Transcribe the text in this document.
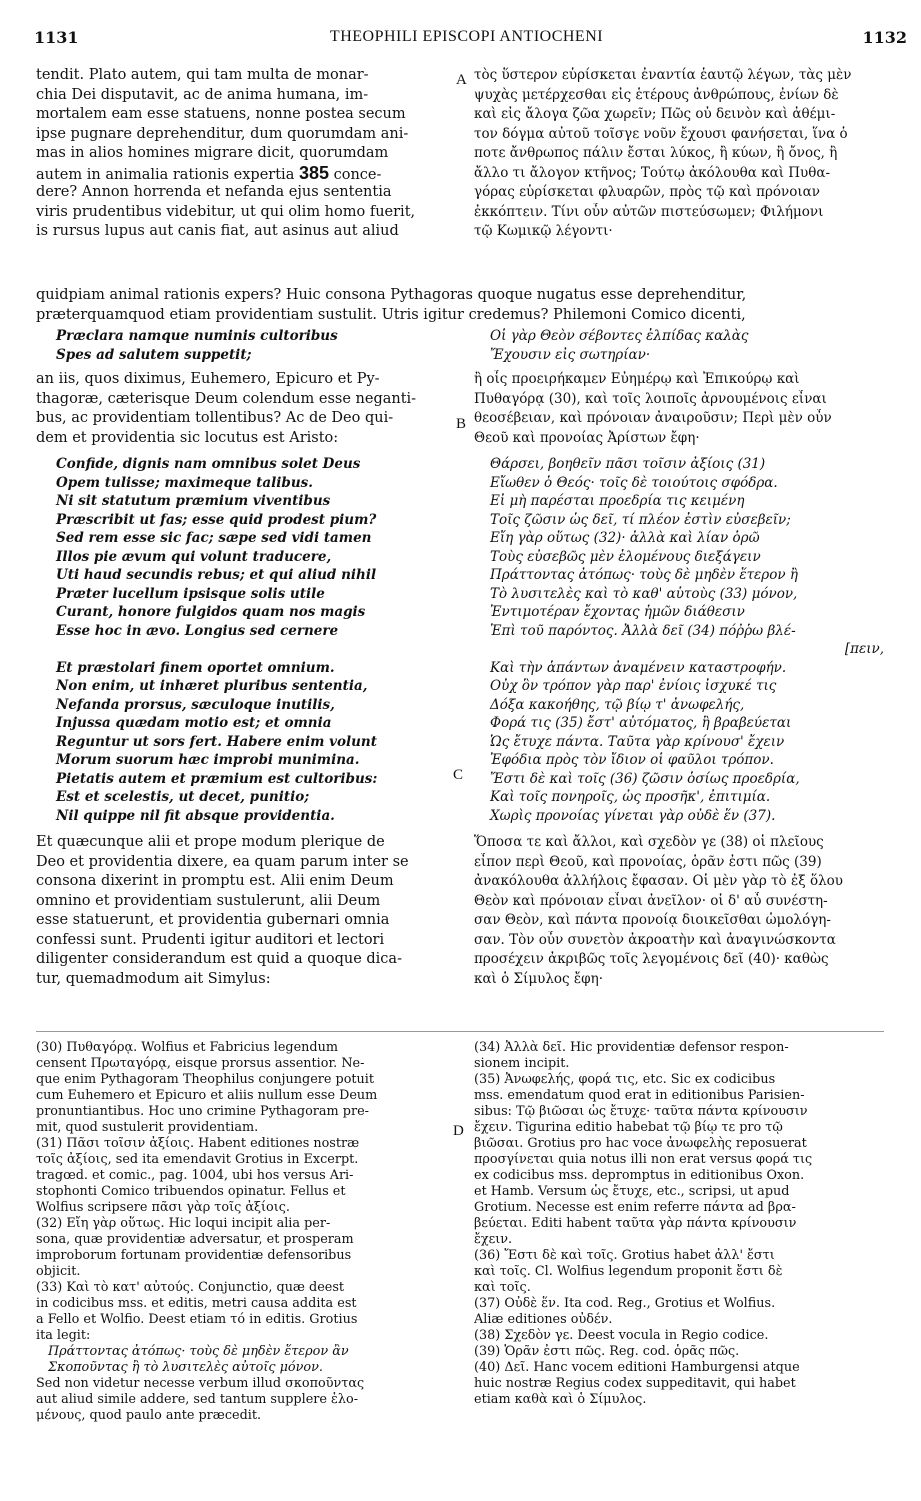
1131	THEOPHILI EPISCOPI ANTIOCHENI	1132
A
B
C
D
tendit. Plato autem, qui tam multa de monar-
chia Dei disputavit, ac de anima humana, im-
mortalem eam esse statuens, nonne postea secum
ipse pugnare deprehenditur, dum quorumdam ani-
mas in alios homines migrare dicit, quorumdam
autem in animalia rationis expertia 385 conce-
dere? Annon horrenda et nefanda ejus sententia
viris prudentibus videbitur, ut qui olim homo fuerit,
is rursus lupus aut canis fiat, aut asinus aut aliud
τὸς ὕστερον εὑρίσκεται ἐναντία ἑαυτῷ λέγων, τὰς μὲν
ψυχὰς μετέρχεσθαι εἰς ἑτέρους ἀνθρώπους, ἐνίων δὲ
καὶ εἰς ἄλογα ζῶα χωρεῖν; Πῶς οὐ δεινὸν καὶ ἀθέμι-
τον δόγμα αὐτοῦ τοῖσγε νοῦν ἔχουσι φανήσεται, ἵνα ὁ
ποτε ἄνθρωπος πάλιν ἔσται λύκος, ἢ κύων, ἢ ὄνος, ἢ
ἄλλο τι ἄλογον κτῆνος; Τούτῳ ἀκόλουθα καὶ Πυθα-
γόρας εὑρίσκεται φλυαρῶν, πρὸς τῷ καὶ πρόνοιαν
ἐκκόπτειν. Τίνι οὖν αὐτῶν πιστεύσωμεν; Φιλήμονι
τῷ Κωμικῷ λέγοντι·
quidpiam animal rationis expers? Huic consona Pythagoras quoque nugatus esse deprehenditur,
præterquamquod etiam providentiam sustulit. Utris igitur credemus? Philemoni Comico dicenti,
Præclara namque numinis cultoribus
Spes ad salutem suppetit;
Οἱ γὰρ Θεὸν σέβοντες ἐλπίδας καλὰς
Ἔχουσιν εἰς σωτηρίαν·
an iis, quos diximus, Euhemero, Epicuro et Py-
thagoræ, cæterisque Deum colendum esse neganti-
bus, ac providentiam tollentibus? Ac de Deo qui-
dem et providentia sic locutus est Aristo:
ἢ οἷς προειρήκαμεν Εὐημέρῳ καὶ Ἐπικούρῳ καὶ
Πυθαγόρᾳ (30), καὶ τοῖς λοιποῖς ἀρνουμένοις εἶναι
θεοσέβειαν, καὶ πρόνοιαν ἀναιροῦσιν; Περὶ μὲν οὖν
Θεοῦ καὶ προνοίας Ἀρίστων ἔφη·
Confide, dignis nam omnibus solet Deus
Opem tulisse; maximeque talibus.
Ni sit statutum præmium viventibus
Præscribit ut fas; esse quid prodest pium?
Sed rem esse sic fac; sæpe sed vidi tamen
Illos pie ævum qui volunt traducere,
Uti haud secundis rebus; et qui aliud nihil
Præter lucellum ipsisque solis utile
Curant, honore fulgidos quam nos magis
Esse hoc in ævo. Longius sed cernere
Et præstolari finem oportet omnium.
Non enim, ut inhæret pluribus sententia,
Nefanda prorsus, sæculoque inutilis,
Injussa quædam motio est; et omnia
Reguntur ut sors fert. Habere enim volunt
Morum suorum hæc improbi munimina.
Pietatis autem et præmium est cultoribus:
Est et scelestis, ut decet, punitio;
Nil quippe nil fit absque providentia.
Θάρσει, βοηθεῖν πᾶσι τοῖσιν ἀξίοις (31)
Εἴωθεν ὁ Θεός· τοῖς δὲ τοιούτοις σφόδρα.
Εἰ μὴ παρέσται προεδρία τις κειμένη
Τοῖς ζῶσιν ὡς δεῖ, τί πλέον ἐστὶν εὐσεβεῖν;
Εἴη γὰρ οὕτως (32)· ἀλλὰ καὶ λίαν ὁρῶ
Τοὺς εὐσεβῶς μὲν ἑλομένους διεξάγειν
Πράττοντας ἀτόπως· τοὺς δὲ μηδὲν ἕτερον ἢ
Τὸ λυσιτελὲς καὶ τὸ καθ' αὑτοὺς (33) μόνον,
Ἐντιμοτέραν ἔχοντας ἡμῶν διάθεσιν
Ἐπὶ τοῦ παρόντος. Ἀλλὰ δεῖ (34) πόῤῥω βλέ-
[πειν,
Καὶ τὴν ἁπάντων ἀναμένειν καταστροφήν.
Οὐχ ὃν τρόπον γὰρ παρ' ἐνίοις ἰσχυκέ τις
Δόξα κακοήθης, τῷ βίῳ τ' ἀνωφελής,
Φορά τις (35) ἔστ' αὐτόματος, ἢ βραβεύεται
Ὡς ἔτυχε πάντα. Ταῦτα γὰρ κρίνουσ' ἔχειν
Ἐφόδια πρὸς τὸν ἴδιον οἱ φαῦλοι τρόπον.
Ἔστι δὲ καὶ τοῖς (36) ζῶσιν ὁσίως προεδρία,
Καὶ τοῖς πονηροῖς, ὡς προσῆκ', ἐπιτιμία.
Χωρὶς προνοίας γίνεται γὰρ οὐδὲ ἕν (37).
Et quæcunque alii et prope modum plerique de
Deo et providentia dixere, ea quam parum inter se
consona dixerint in promptu est. Alii enim Deum
omnino et providentiam sustulerunt, alii Deum
esse statuerunt, et providentia gubernari omnia
confessi sunt. Prudenti igitur auditori et lectori
diligenter considerandum est quid a quoque dica-
tur, quemadmodum ait Simylus:
Ὅποσα τε καὶ ἄλλοι, καὶ σχεδὸν γε (38) οἱ πλεῖους
εἶπον περὶ Θεοῦ, καὶ προνοίας, ὁρᾶν ἐστι πῶς (39)
ἀνακόλουθα ἀλλήλοις ἔφασαν. Οἱ μὲν γὰρ τὸ ἐξ ὅλου
Θεὸν καὶ πρόνοιαν εἶναι ἀνεῖλον· οἱ δ' αὖ συνέστη-
σαν Θεὸν, καὶ πάντα προνοίᾳ διοικεῖσθαι ὡμολόγη-
σαν. Τὸν οὖν συνετὸν ἀκροατὴν καὶ ἀναγινώσκοντα
προσέχειν ἀκριβῶς τοῖς λεγομένοις δεῖ (40)· καθὼς
καὶ ὁ Σίμυλος ἔφη·
(30) Πυθαγόρᾳ. Wolfius et Fabricius legendum
censent Πρωταγόρᾳ, eisque prorsus assentior. Ne-
que enim Pythagoram Theophilus conjungere potuit
cum Euhemero et Epicuro et aliis nullum esse Deum
pronuntiantibus. Hoc uno crimine Pythagoram pre-
mit, quod sustulerit providentiam.
(31) Πᾶσι τοῖσιν ἀξίοις. Habent editiones nostræ
τοῖς ἀξίοις, sed ita emendavit Grotius in Excerpt.
tragœd. et comic., pag. 1004, ubi hos versus Ari-
stophonti Comico tribuendos opinatur. Fellus et
Wolfius scripsere πᾶσι γὰρ τοῖς ἀξίοις.
(32) Εἴη γὰρ οὕτως. Hic loqui incipit alia per-
sona, quæ providentiæ adversatur, et prosperam
improborum fortunam providentiæ defensoribus
objicit.
(33) Καὶ τὸ κατ' αὐτούς. Conjunctio, quæ deest
in codicibus mss. et editis, metri causa addita est
a Fello et Wolfio. Deest etiam τό in editis. Grotius
ita legit:
Πράττοντας ἀτόπως· τοὺς δὲ μηδὲν ἕτερον ἂν
Σκοποῦντας ἢ τὸ λυσιτελὲς αὐτοῖς μόνον.
Sed non videtur necesse verbum illud σκοποῦντας
aut aliud simile addere, sed tantum supplere ἑλο-
μένους, quod paulo ante præcedit.
(34) Ἀλλὰ δεῖ. Hic providentiæ defensor respon-
sionem incipit.
(35) Ἀνωφελής, φορά τις, etc. Sic ex codicibus
mss. emendatum quod erat in editionibus Parisien-
sibus: Τῷ βιῶσαι ὡς ἔτυχε· ταῦτα πάντα κρίνουσιν
ἔχειν. Tigurina editio habebat τῷ βίῳ τε pro τῷ
βιῶσαι. Grotius pro hac voce ἀνωφελὴς reposuerat
προσγίνεται quia notus illi non erat versus φορά τις
ex codicibus mss. depromptus in editionibus Oxon.
et Hamb. Versum ὡς ἔτυχε, etc., scripsi, ut apud
Grotium. Necesse est enim referre πάντα ad βρα-
βεύεται. Editi habent ταῦτα γὰρ πάντα κρίνουσιν
ἔχειν.
(36) Ἔστι δὲ καὶ τοῖς. Grotius habet ἀλλ' ἔστι
καὶ τοῖς. Cl. Wolfius legendum proponit ἔστι δὲ
καὶ τοῖς.
(37) Οὐδὲ ἕν. Ita cod. Reg., Grotius et Wolfius.
Aliæ editiones οὐδέν.
(38) Σχεδὸν γε. Deest vocula in Regio codice.
(39) Ὁρᾶν ἐστι πῶς. Reg. cod. ὁρᾶς πῶς.
(40) Δεῖ. Hanc vocem editioni Hamburgensi atque
huic nostræ Regius codex suppeditavit, qui habet
etiam καθὰ καὶ ὁ Σίμυλος.
